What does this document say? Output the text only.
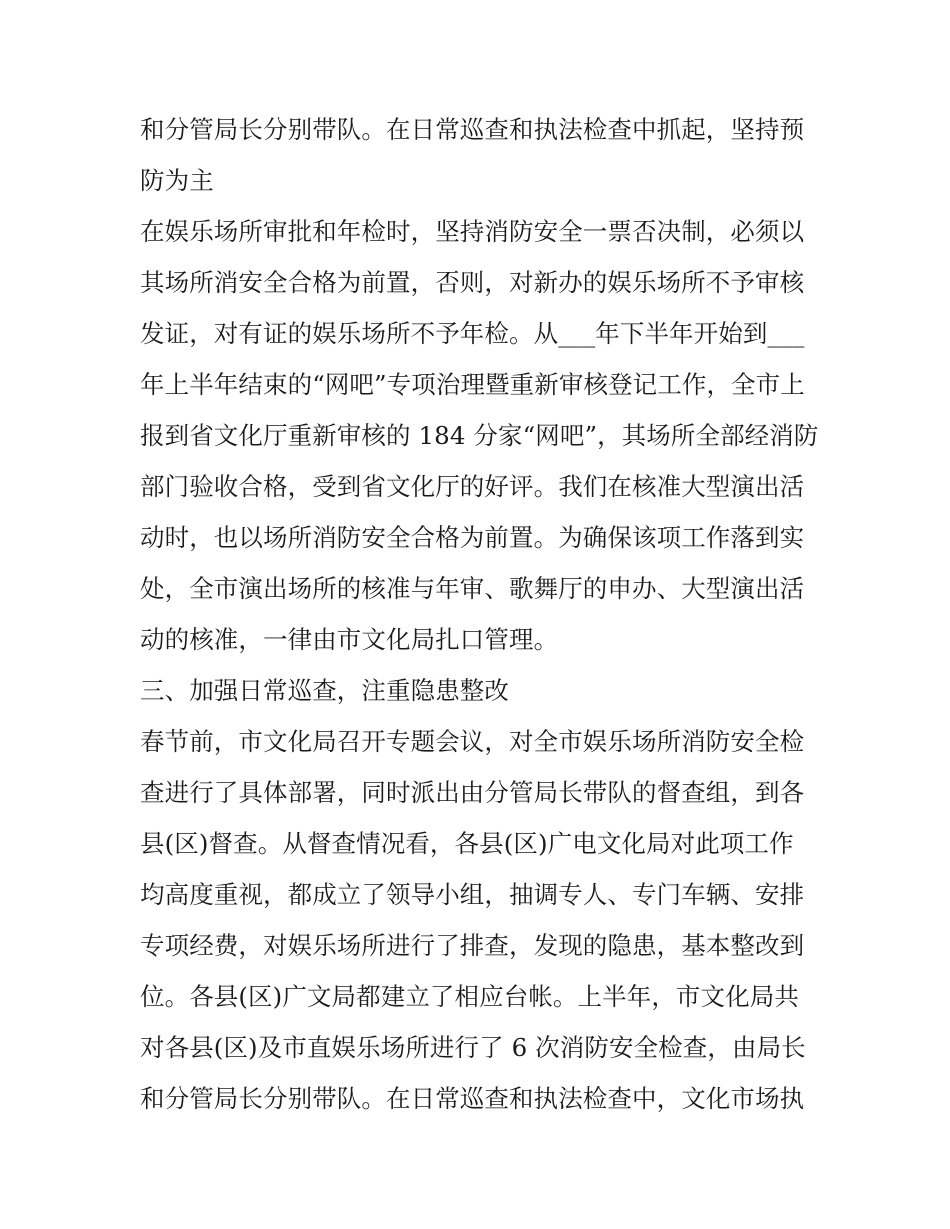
和分管局长分别带队。在日常巡查和执法检查中抓起，坚持预
防为主
在娱乐场所审批和年检时，坚持消防安全一票否决制，必须以
其场所消安全合格为前置，否则，对新办的娱乐场所不予审核
发证，对有证的娱乐场所不予年检。从___年下半年开始到___
年上半年结束的“网吧”专项治理暨重新审核登记工作，全市上
报到省文化厅重新审核的 184 分家“网吧”，其场所全部经消防
部门验收合格，受到省文化厅的好评。我们在核准大型演出活
动时，也以场所消防安全合格为前置。为确保该项工作落到实
处，全市演出场所的核准与年审、歌舞厅的申办、大型演出活
动的核准，一律由市文化局扎口管理。
三、加强日常巡查，注重隐患整改
春节前，市文化局召开专题会议，对全市娱乐场所消防安全检
查进行了具体部署，同时派出由分管局长带队的督查组，到各
县(区)督查。从督查情况看，各县(区)广电文化局对此项工作
均高度重视，都成立了领导小组，抽调专人、专门车辆、安排
专项经费，对娱乐场所进行了排查，发现的隐患，基本整改到
位。各县(区)广文局都建立了相应台帐。上半年，市文化局共
对各县(区)及市直娱乐场所进行了 6 次消防安全检查，由局长
和分管局长分别带队。在日常巡查和执法检查中，文化市场执
